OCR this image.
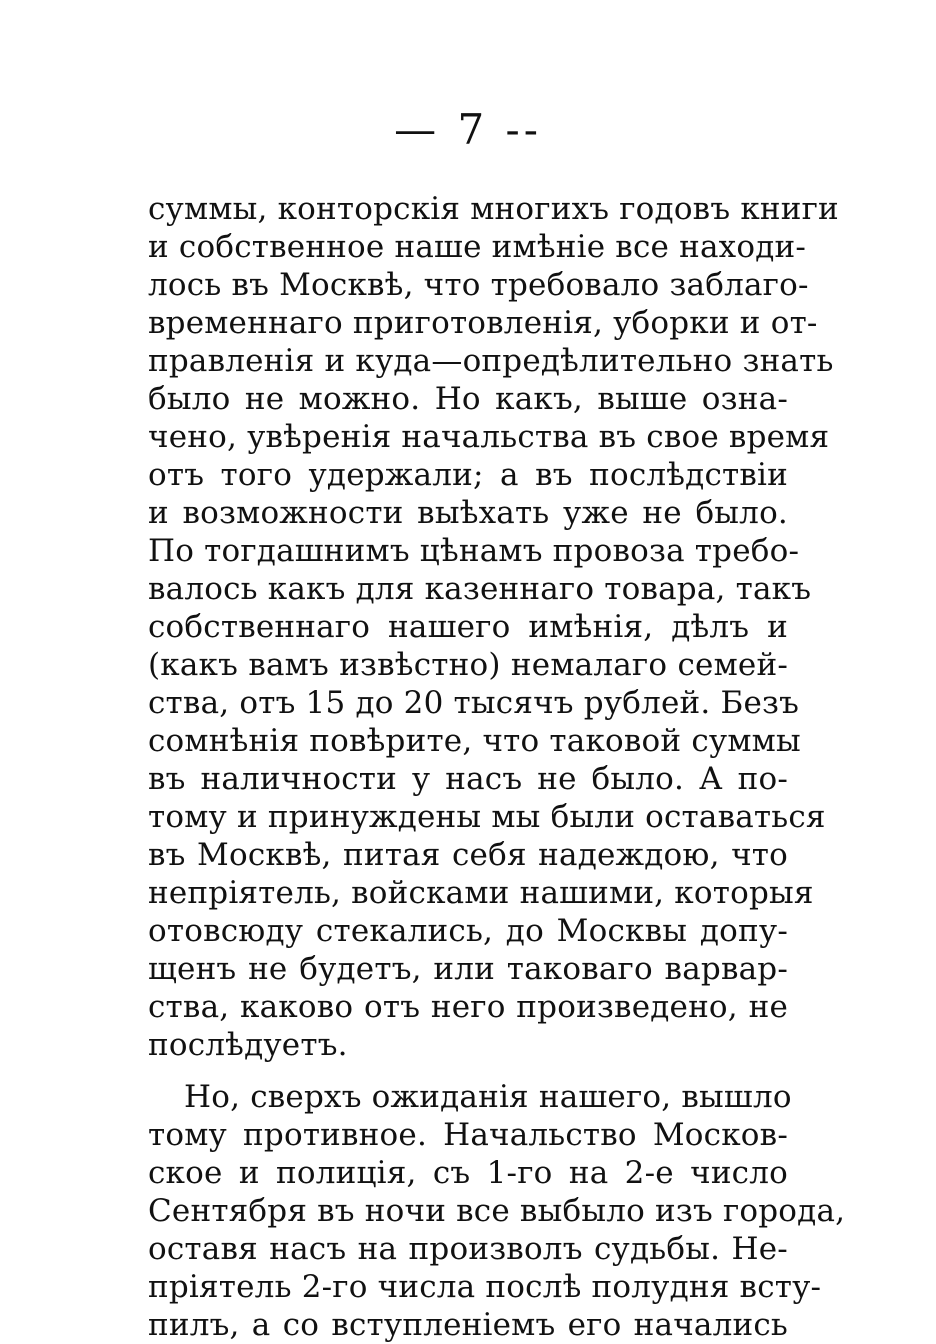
— 7 --
суммы, конторскія многихъ годовъ книги
и собственное наше имѣніе все находи-
лось въ Москвѣ, что требовало заблаго-
временнаго приготовленія, уборки и от-
правленія и куда—опредѣлительно знать
было не можно. Но какъ, выше озна-
чено, увѣренія начальства въ свое время
отъ того удержали; а въ послѣдствіи
и возможности выѣхать уже не было.
По тогдашнимъ цѣнамъ провоза требо-
валось какъ для казеннаго товара, такъ
собственнаго нашего имѣнія, дѣлъ и
(какъ вамъ извѣстно) немалаго семей-
ства, отъ 15 до 20 тысячъ рублей. Безъ
сомнѣнія повѣрите, что таковой суммы
въ наличности у насъ не было. А по-
тому и принуждены мы были оставаться
въ Москвѣ, питая себя надеждою, что
непріятель, войсками нашими, которыя
отовсюду стекались, до Москвы допу-
щенъ не будетъ, или таковаго варвар-
ства, каково отъ него произведено, не
послѣдуетъ.
Но, сверхъ ожиданія нашего, вышло
тому противное. Начальство Москов-
ское и полиція, съ 1-го на 2-е число
Сентября въ ночи все выбыло изъ города,
оставя насъ на произволъ судьбы. Не-
пріятель 2-го числа послѣ полудня всту-
пилъ, а со вступленіемъ его начались
